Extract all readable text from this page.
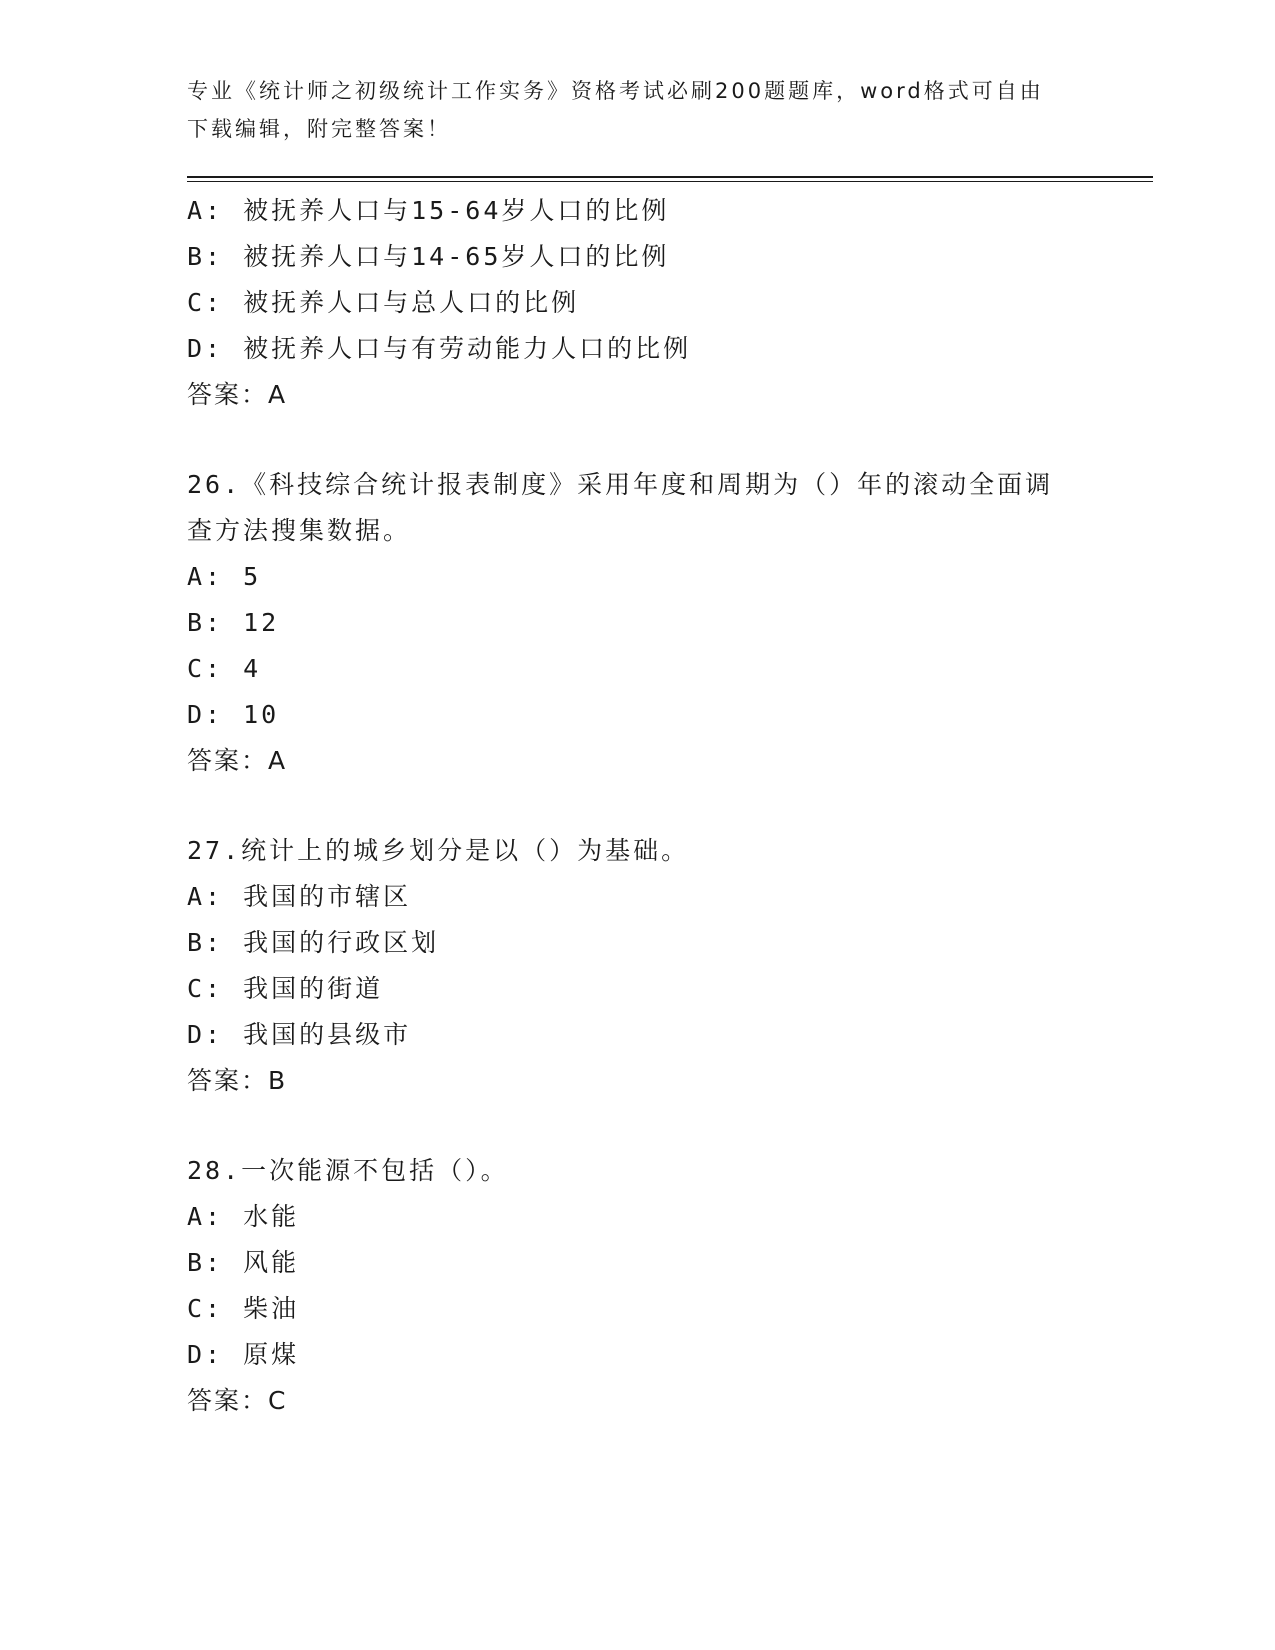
专业《统计师之初级统计工作实务》资格考试必刷200题题库，word格式可自由下载编辑，附完整答案！
A: 被抚养人口与15-64岁人口的比例
B: 被抚养人口与14-65岁人口的比例
C: 被抚养人口与总人口的比例
D: 被抚养人口与有劳动能力人口的比例
答案：A
26.《科技综合统计报表制度》采用年度和周期为（）年的滚动全面调查方法搜集数据。
A: 5
B: 12
C: 4
D: 10
答案：A
27.统计上的城乡划分是以（）为基础。
A: 我国的市辖区
B: 我国的行政区划
C: 我国的街道
D: 我国的县级市
答案：B
28.一次能源不包括（）。
A: 水能
B: 风能
C: 柴油
D: 原煤
答案：C
